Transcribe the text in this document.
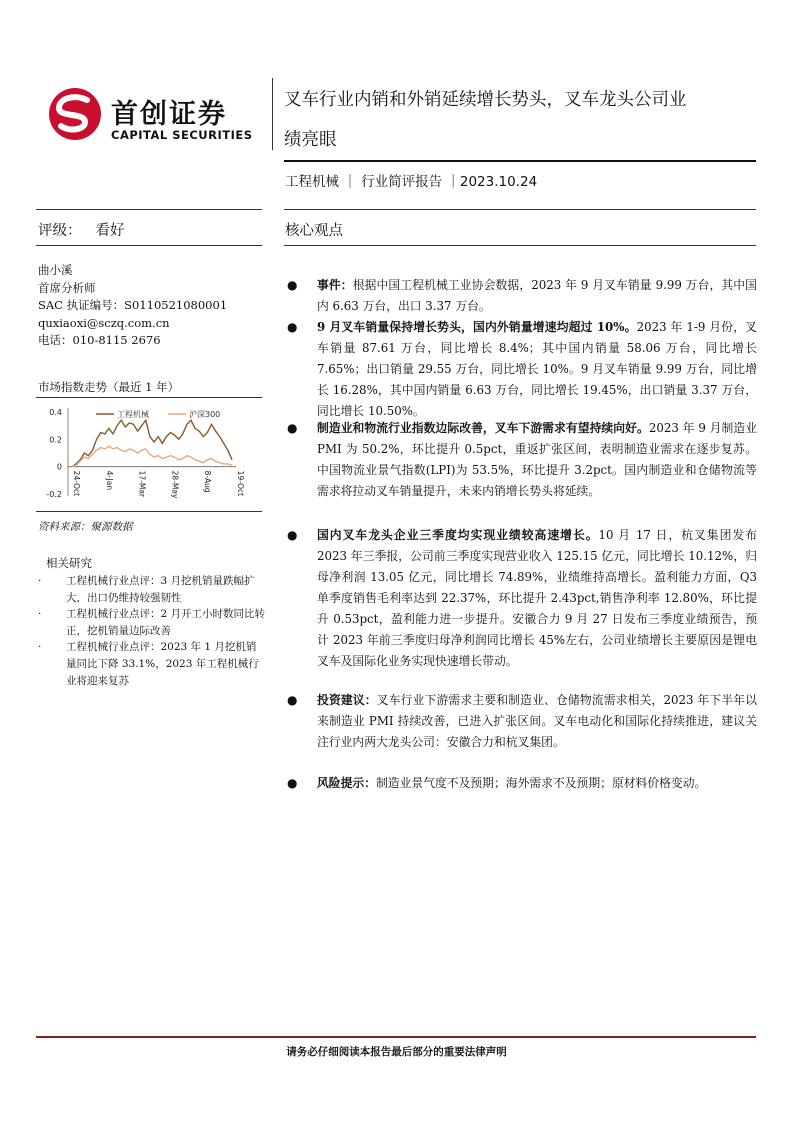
首创证券
CAPITAL SECURITIES
叉车行业内销和外销延续增长势头，叉车龙头公司业
绩亮眼
工程机械 ｜ 行业简评报告 ｜2023.10.24
评级： 看好	核心观点
曲小溪
首席分析师
SAC 执证编号：S0110521080001
quxiaoxi@sczq.com.cn
电话：010-8115 2676
市场指数走势（最近 1 年）
工程机械	沪深300
-0.2
0
0.2
0.4
24-Oct	4-Jan	17-Mar	28-May	8-Aug	19-Oct
资料来源：聚源数据
相关研究
·	工程机械行业点评：3 月挖机销量跌幅扩大，出口仍维持较强韧性
·	工程机械行业点评：2 月开工小时数同比转正，挖机销量边际改善
·	工程机械行业点评：2023 年 1 月挖机销量同比下降 33.1%，2023 年工程机械行业将迎来复苏
●	事件：根据中国工程机械工业协会数据，2023 年 9 月叉车销量 9.99 万台，其中国内 6.63 万台，出口 3.37 万台。
●	9 月叉车销量保持增长势头，国内外销量增速均超过 10%。2023 年 1-9 月份，叉车销量 87.61 万台，同比增长 8.4%；其中国内销量 58.06 万台，同比增长 7.65%；出口销量 29.55 万台，同比增长 10%。9 月叉车销量 9.99 万台，同比增长 16.28%，其中国内销量 6.63 万台，同比增长 19.45%，出口销量 3.37 万台，同比增长 10.50%。
●	制造业和物流行业指数边际改善，叉车下游需求有望持续向好。2023 年 9 月制造业 PMI 为 50.2%，环比提升 0.5pct，重返扩张区间，表明制造业需求在逐步复苏。中国物流业景气指数(LPI)为 53.5%，环比提升 3.2pct。国内制造业和仓储物流等需求将拉动叉车销量提升，未来内销增长势头将延续。
●	国内叉车龙头企业三季度均实现业绩较高速增长。10 月 17 日，杭叉集团发布 2023 年三季报，公司前三季度实现营业收入 125.15 亿元，同比增长 10.12%，归母净利润 13.05 亿元，同比增长 74.89%，业绩维持高增长。盈利能力方面，Q3 单季度销售毛利率达到 22.37%，环比提升 2.43pct,销售净利率 12.80%，环比提升 0.53pct，盈利能力进一步提升。安徽合力 9 月 27 日发布三季度业绩预告，预计 2023 年前三季度归母净利润同比增长 45%左右，公司业绩增长主要原因是锂电叉车及国际化业务实现快速增长带动。
●	投资建议：叉车行业下游需求主要和制造业、仓储物流需求相关，2023 年下半年以来制造业 PMI 持续改善，已进入扩张区间。叉车电动化和国际化持续推进，建议关注行业内两大龙头公司：安徽合力和杭叉集团。
●	风险提示：制造业景气度不及预期；海外需求不及预期；原材料价格变动。
请务必仔细阅读本报告最后部分的重要法律声明
